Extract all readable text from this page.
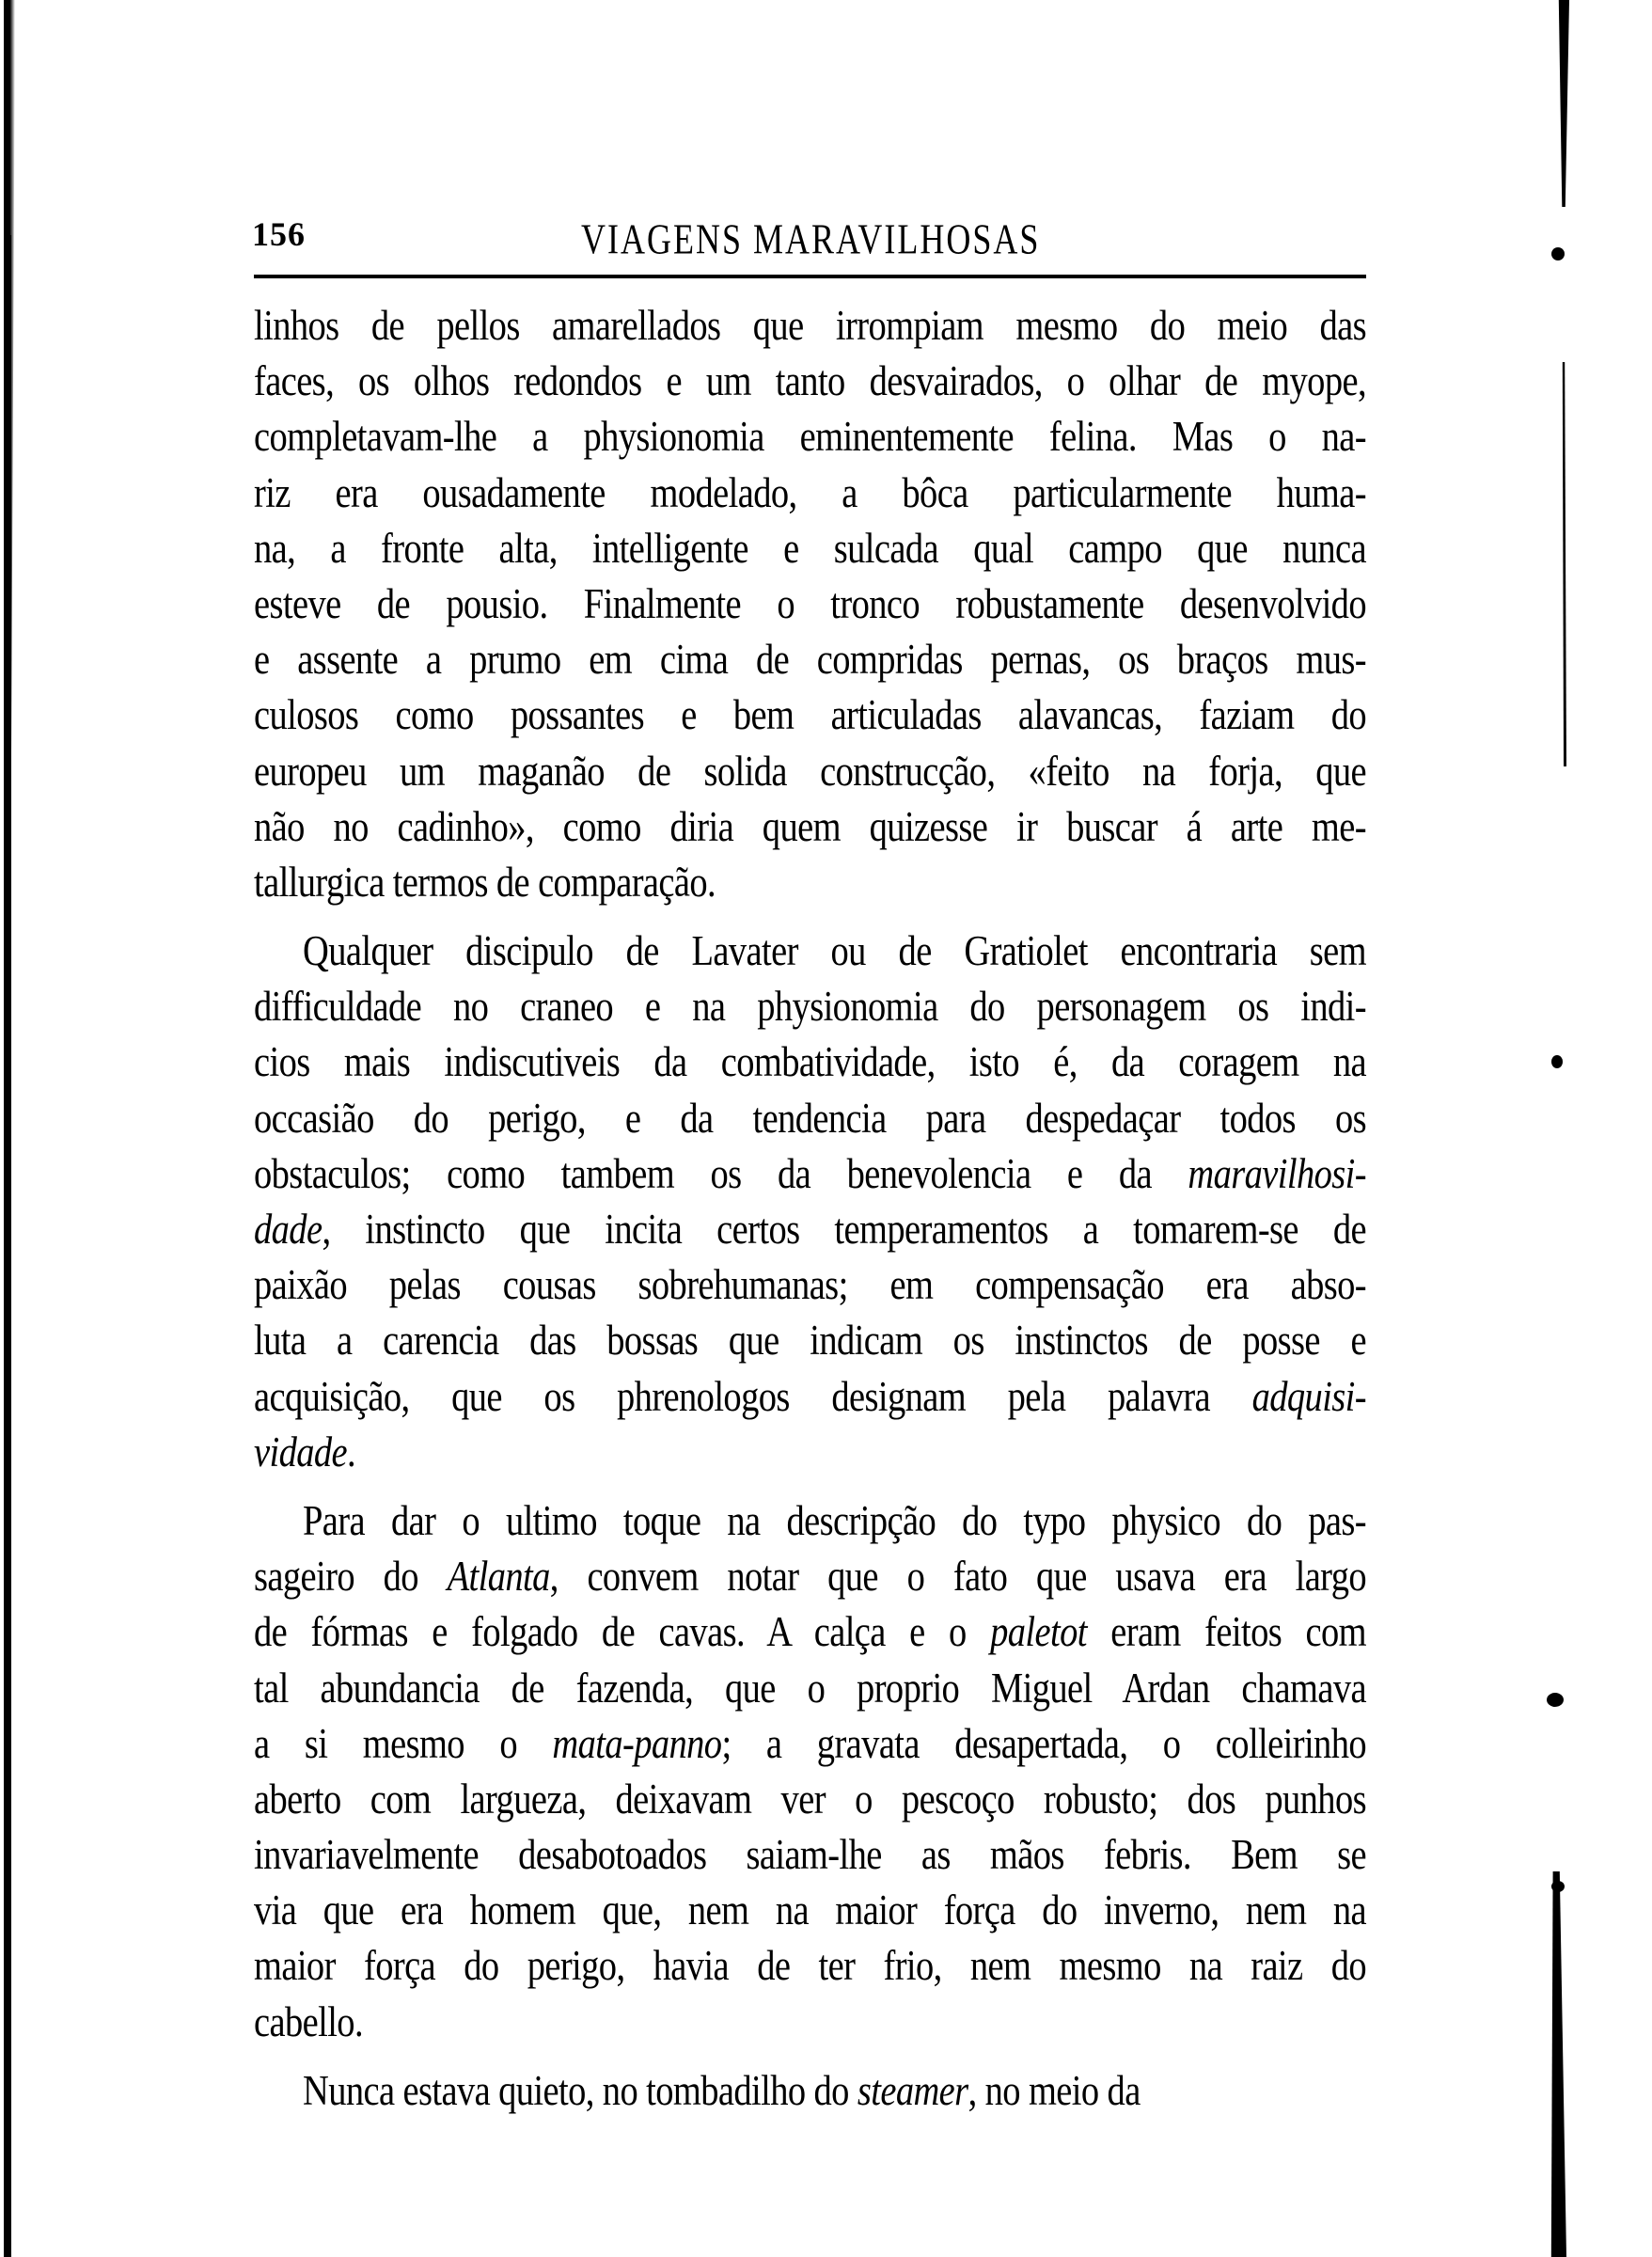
156	VIAGENS MARAVILHOSAS
linhos de pellos amarellados que irrompiam mesmo do meio das
faces, os olhos redondos e um tanto desvairados, o olhar de myope,
completavam-lhe a physionomia eminentemente felina. Mas o na-
riz era ousadamente modelado, a bôca particularmente huma-
na, a fronte alta, intelligente e sulcada qual campo que nunca
esteve de pousio. Finalmente o tronco robustamente desenvolvido
e assente a prumo em cima de compridas pernas, os braços mus-
culosos como possantes e bem articuladas alavancas, faziam do
europeu um maganão de solida construcção, «feito na forja, que
não no cadinho», como diria quem quizesse ir buscar á arte me-
tallurgica termos de comparação.
Qualquer discipulo de Lavater ou de Gratiolet encontraria sem
difficuldade no craneo e na physionomia do personagem os indi-
cios mais indiscutiveis da combatividade, isto é, da coragem na
occasião do perigo, e da tendencia para despedaçar todos os
obstaculos; como tambem os da benevolencia e da maravilhosi-
dade, instincto que incita certos temperamentos a tomarem-se de
paixão pelas cousas sobrehumanas; em compensação era abso-
luta a carencia das bossas que indicam os instinctos de posse e
acquisição, que os phrenologos designam pela palavra adquisi-
vidade.
Para dar o ultimo toque na descripção do typo physico do pas-
sageiro do Atlanta, convem notar que o fato que usava era largo
de fórmas e folgado de cavas. A calça e o paletot eram feitos com
tal abundancia de fazenda, que o proprio Miguel Ardan chamava
a si mesmo o mata-panno; a gravata desapertada, o colleirinho
aberto com largueza, deixavam ver o pescoço robusto; dos punhos
invariavelmente desabotoados saiam-lhe as mãos febris. Bem se
via que era homem que, nem na maior força do inverno, nem na
maior força do perigo, havia de ter frio, nem mesmo na raiz do
cabello.
Nunca estava quieto, no tombadilho do steamer, no meio da
